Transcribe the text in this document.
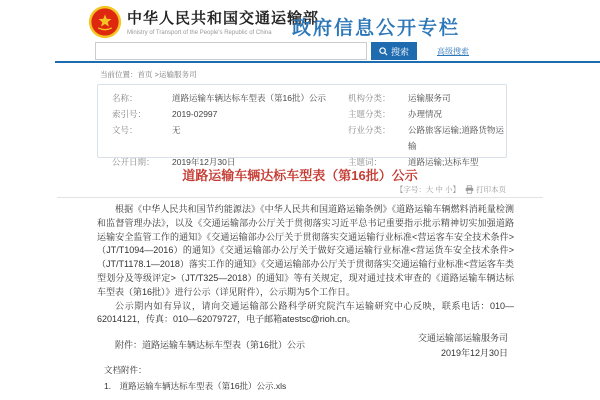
中华人民共和国交通运输部
Ministry of Transport of the People's Republic of China	政府信息公开专栏
搜索	高级搜索
当前位置：首页 >运输服务司
名称：	道路运输车辆达标车型表（第16批）公示	机构分类：	运输服务司
索引号：	2019-02997	主题分类：	办理情况
文号：	无	行业分类：	公路旅客运输;道路货物运输
公开日期：	2019年12月30日	主题词：	道路运输;达标车型
道路运输车辆达标车型表（第16批）公示
【字号：大 中 小】 打印本页

根据《中华人民共和国节约能源法》《中华人民共和国道路运输条例》《道路运输车辆燃料消耗量检测和监督管理办法》，以及《交通运输部办公厅关于贯彻落实习近平总书记重要指示批示精神切实加强道路运输安全监管工作的通知》《交通运输部办公厅关于贯彻落实交通运输行业标准<营运客车安全技术条件>（JT/T1094—2016）的通知》《交通运输部办公厅关于做好交通运输行业标准<营运货车安全技术条件>（JT/T1178.1—2018）落实工作的通知》《交通运输部办公厅关于贯彻落实交通运输行业标准<营运客车类型划分及等级评定>（JT/T325—2018）的通知》等有关规定，现对通过技术审查的《道路运输车辆达标车型表（第16批）》进行公示（详见附件），公示期为5个工作日。

公示期内如有异议，请向交通运输部公路科学研究院汽车运输研究中心反映，联系电话：010—62014121，传真：010—62079727，电子邮箱atestsc@rioh.cn。

附件：道路运输车辆达标车型表（第16批）公示

交通运输部运输服务司
2019年12月30日
文档附件：
1.　道路运输车辆达标车型表（第16批）公示.xls
